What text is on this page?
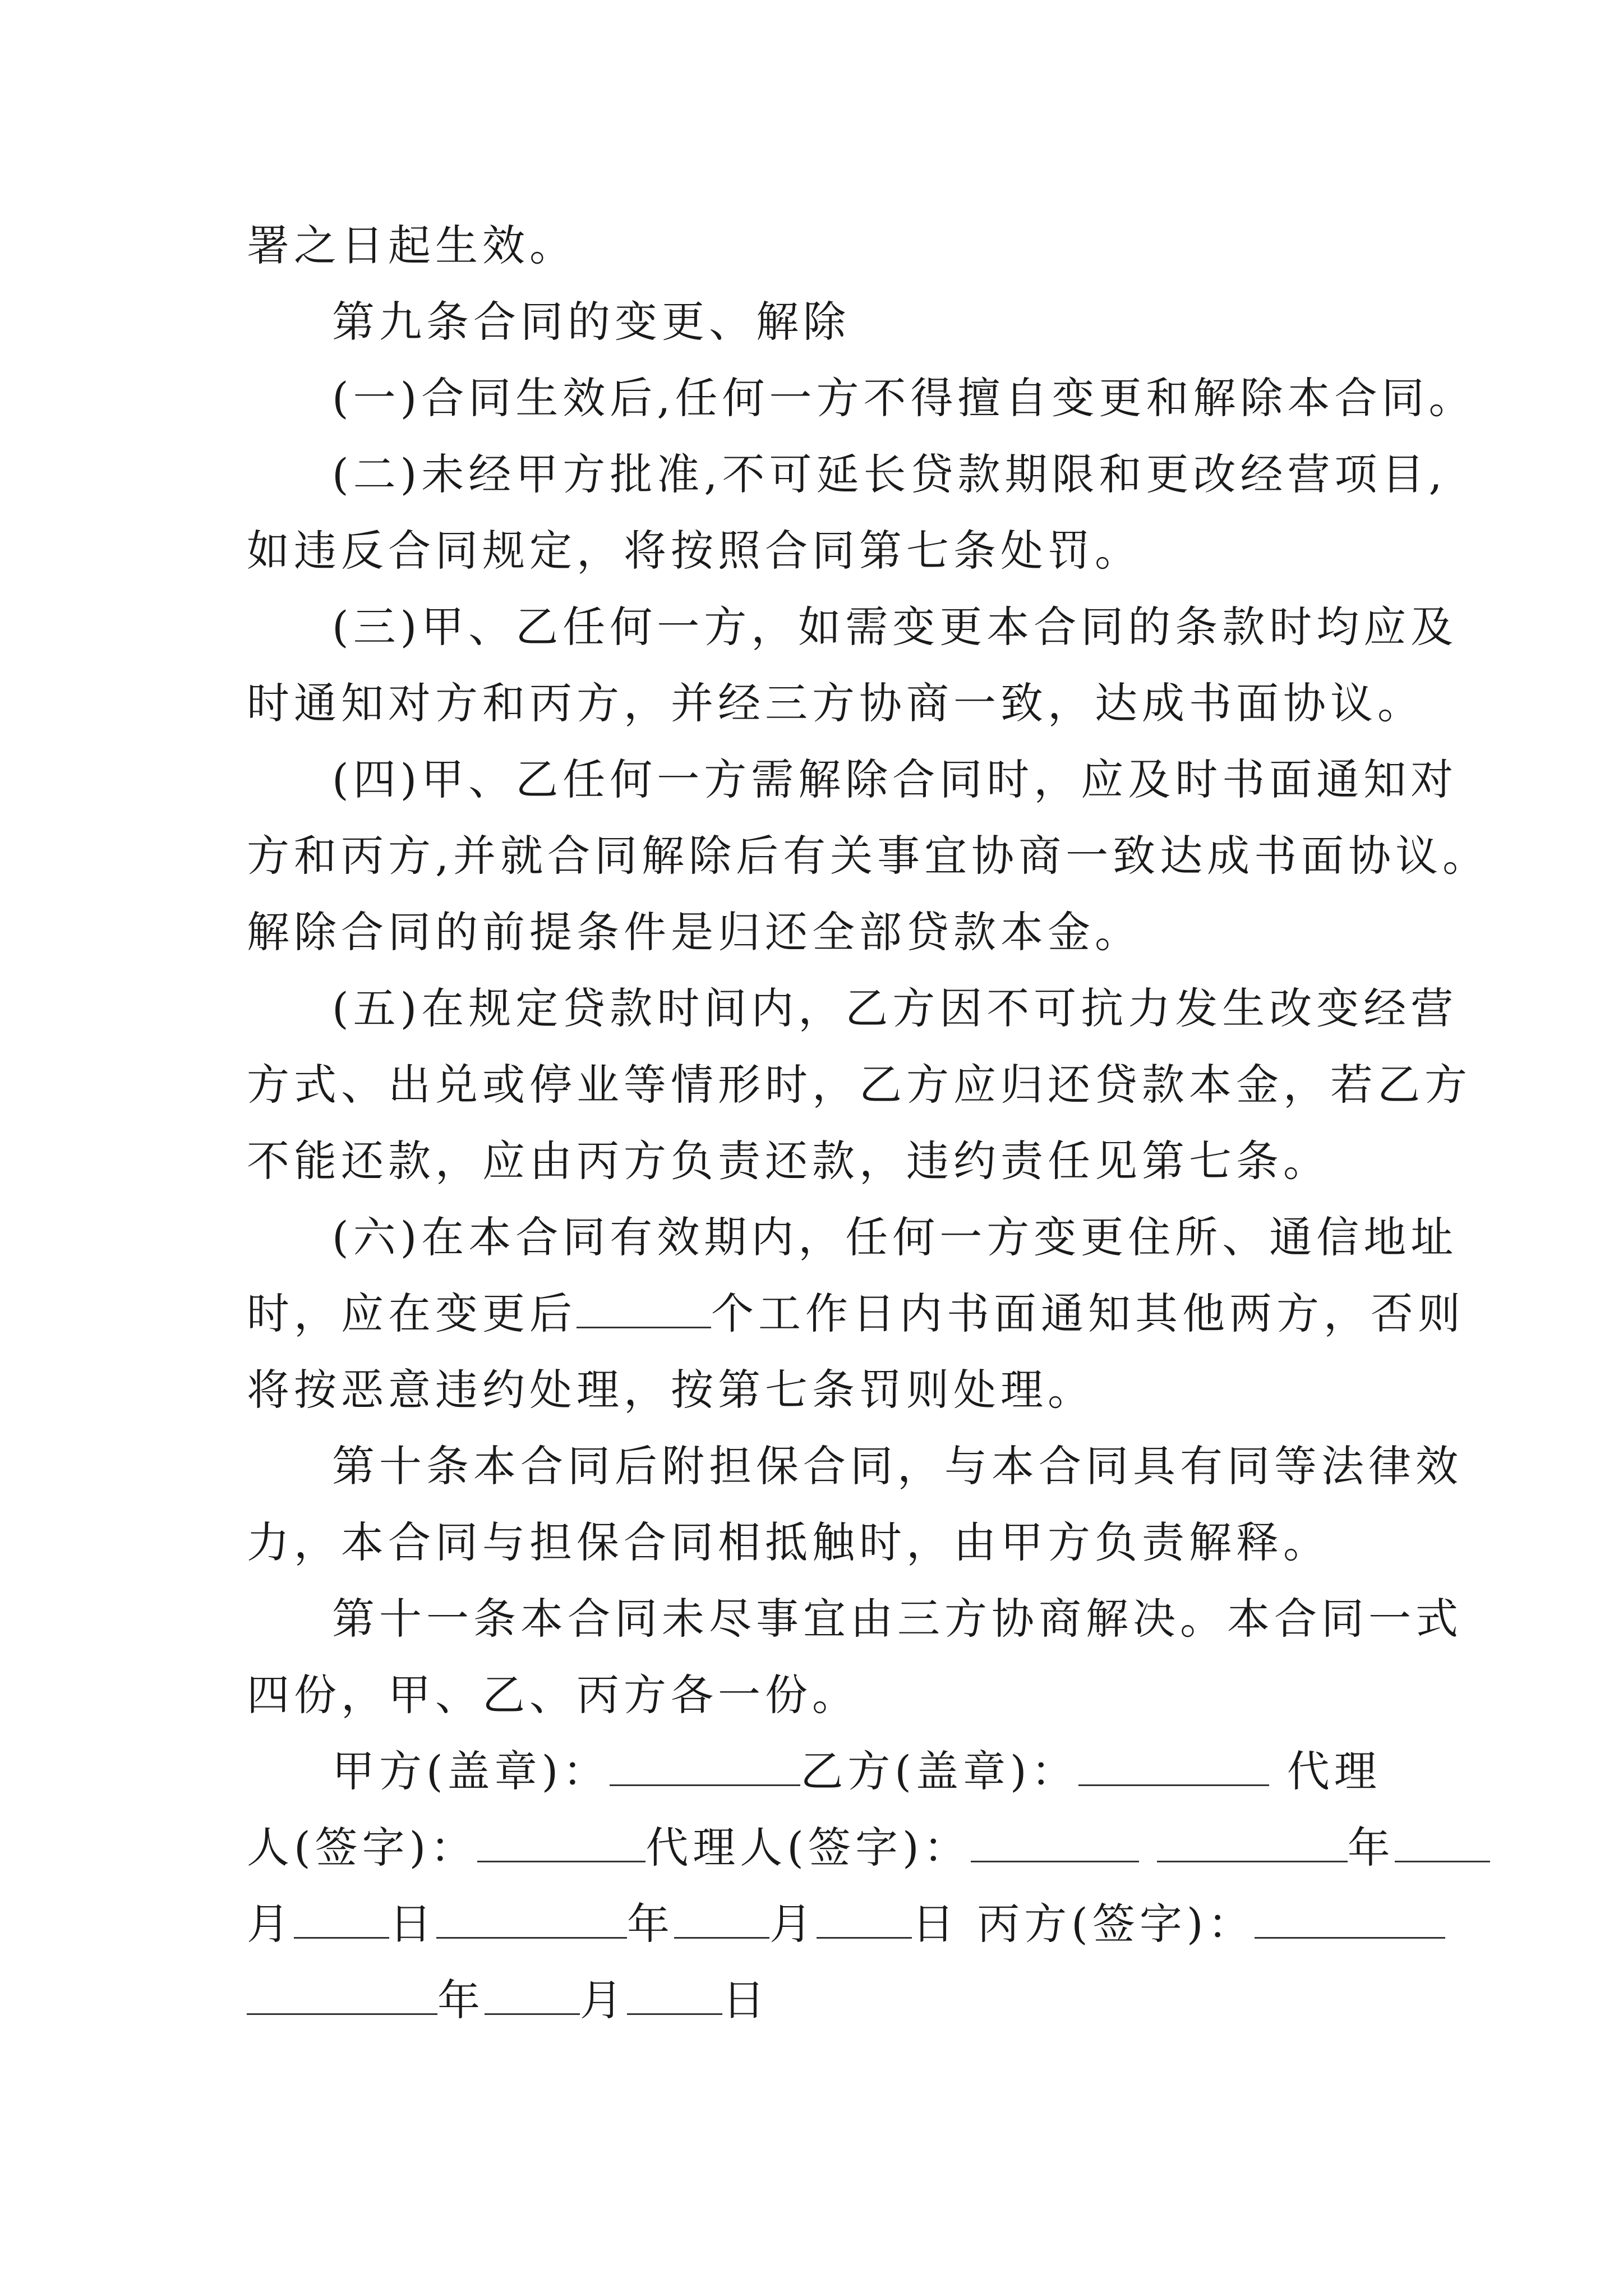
署之日起生效。
第九条合同的变更、解除
(一)合同生效后,任何一方不得擅自变更和解除本合同。
(二)未经甲方批准,不可延长贷款期限和更改经营项目,
如违反合同规定，将按照合同第七条处罚。
(三)甲、乙任何一方，如需变更本合同的条款时均应及
时通知对方和丙方，并经三方协商一致，达成书面协议。
(四)甲、乙任何一方需解除合同时，应及时书面通知对
方和丙方,并就合同解除后有关事宜协商一致达成书面协议。
解除合同的前提条件是归还全部贷款本金。
(五)在规定贷款时间内，乙方因不可抗力发生改变经营
方式、出兑或停业等情形时，乙方应归还贷款本金，若乙方
不能还款，应由丙方负责还款，违约责任见第七条。
(六)在本合同有效期内，任何一方变更住所、通信地址
时，应在变更后	个工作日内书面通知其他两方，否则
将按恶意违约处理，按第七条罚则处理。
第十条本合同后附担保合同，与本合同具有同等法律效
力，本合同与担保合同相抵触时，由甲方负责解释。
第十一条本合同未尽事宜由三方协商解决。本合同一式
四份，甲、乙、丙方各一份。
甲方(盖章)：	乙方(盖章)：	代理
人(签字)：	代理人(签字)：	年
月 日	年 月 日 丙方(签字)：
年 月 日
